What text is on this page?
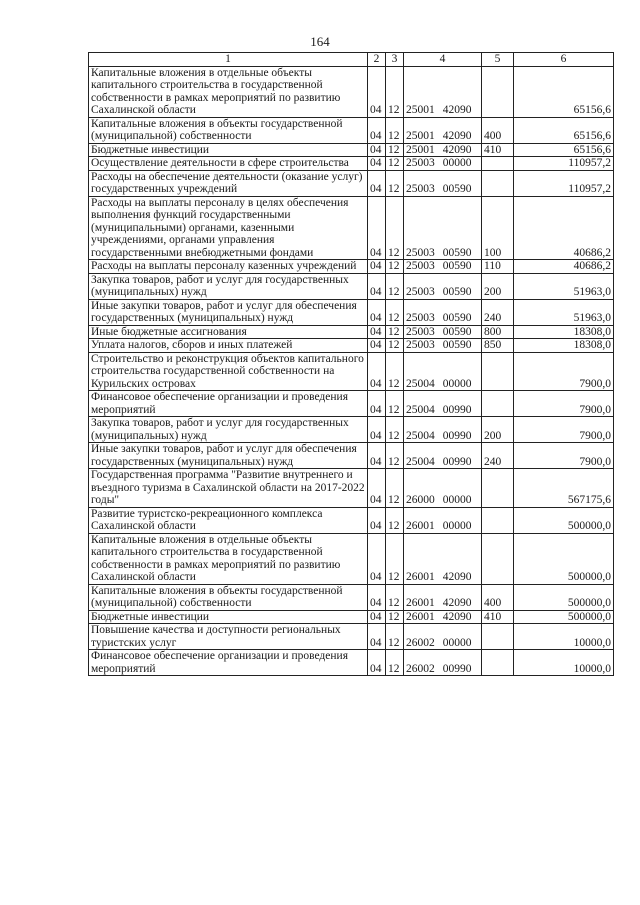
164
1	2	3	4	5	6
Капитальные вложения в отдельные объекты капитального строительства в государственной собственности в рамках мероприятий по развитию Сахалинской области	04	12	25001 42090		65156,6
Капитальные вложения в объекты государственной (муниципальной) собственности	04	12	25001 42090	400	65156,6
Бюджетные инвестиции	04	12	25001 42090	410	65156,6
Осуществление деятельности в сфере строительства	04	12	25003 00000		110957,2
Расходы на обеспечение деятельности (оказание услуг) государственных учреждений	04	12	25003 00590		110957,2
Расходы на выплаты персоналу в целях обеспечения выполнения функций государственными (муниципальными) органами, казенными учреждениями, органами управления государственными внебюджетными фондами	04	12	25003 00590	100	40686,2
Расходы на выплаты персоналу казенных учреждений	04	12	25003 00590	110	40686,2
Закупка товаров, работ и услуг для государственных (муниципальных) нужд	04	12	25003 00590	200	51963,0
Иные закупки товаров, работ и услуг для обеспечения государственных (муниципальных) нужд	04	12	25003 00590	240	51963,0
Иные бюджетные ассигнования	04	12	25003 00590	800	18308,0
Уплата налогов, сборов и иных платежей	04	12	25003 00590	850	18308,0
Строительство и реконструкция объектов капитального строительства государственной собственности на Курильских островах	04	12	25004 00000		7900,0
Финансовое обеспечение организации и проведения мероприятий	04	12	25004 00990		7900,0
Закупка товаров, работ и услуг для государственных (муниципальных) нужд	04	12	25004 00990	200	7900,0
Иные закупки товаров, работ и услуг для обеспечения государственных (муниципальных) нужд	04	12	25004 00990	240	7900,0
Государственная программа "Развитие внутреннего и въездного туризма в Сахалинской области на 2017-2022 годы"	04	12	26000 00000		567175,6
Развитие туристско-рекреационного комплекса Сахалинской области	04	12	26001 00000		500000,0
Капитальные вложения в отдельные объекты капитального строительства в государственной собственности в рамках мероприятий по развитию Сахалинской области	04	12	26001 42090		500000,0
Капитальные вложения в объекты государственной (муниципальной) собственности	04	12	26001 42090	400	500000,0
Бюджетные инвестиции	04	12	26001 42090	410	500000,0
Повышение качества и доступности региональных туристских услуг	04	12	26002 00000		10000,0
Финансовое обеспечение организации и проведения мероприятий	04	12	26002 00990		10000,0
